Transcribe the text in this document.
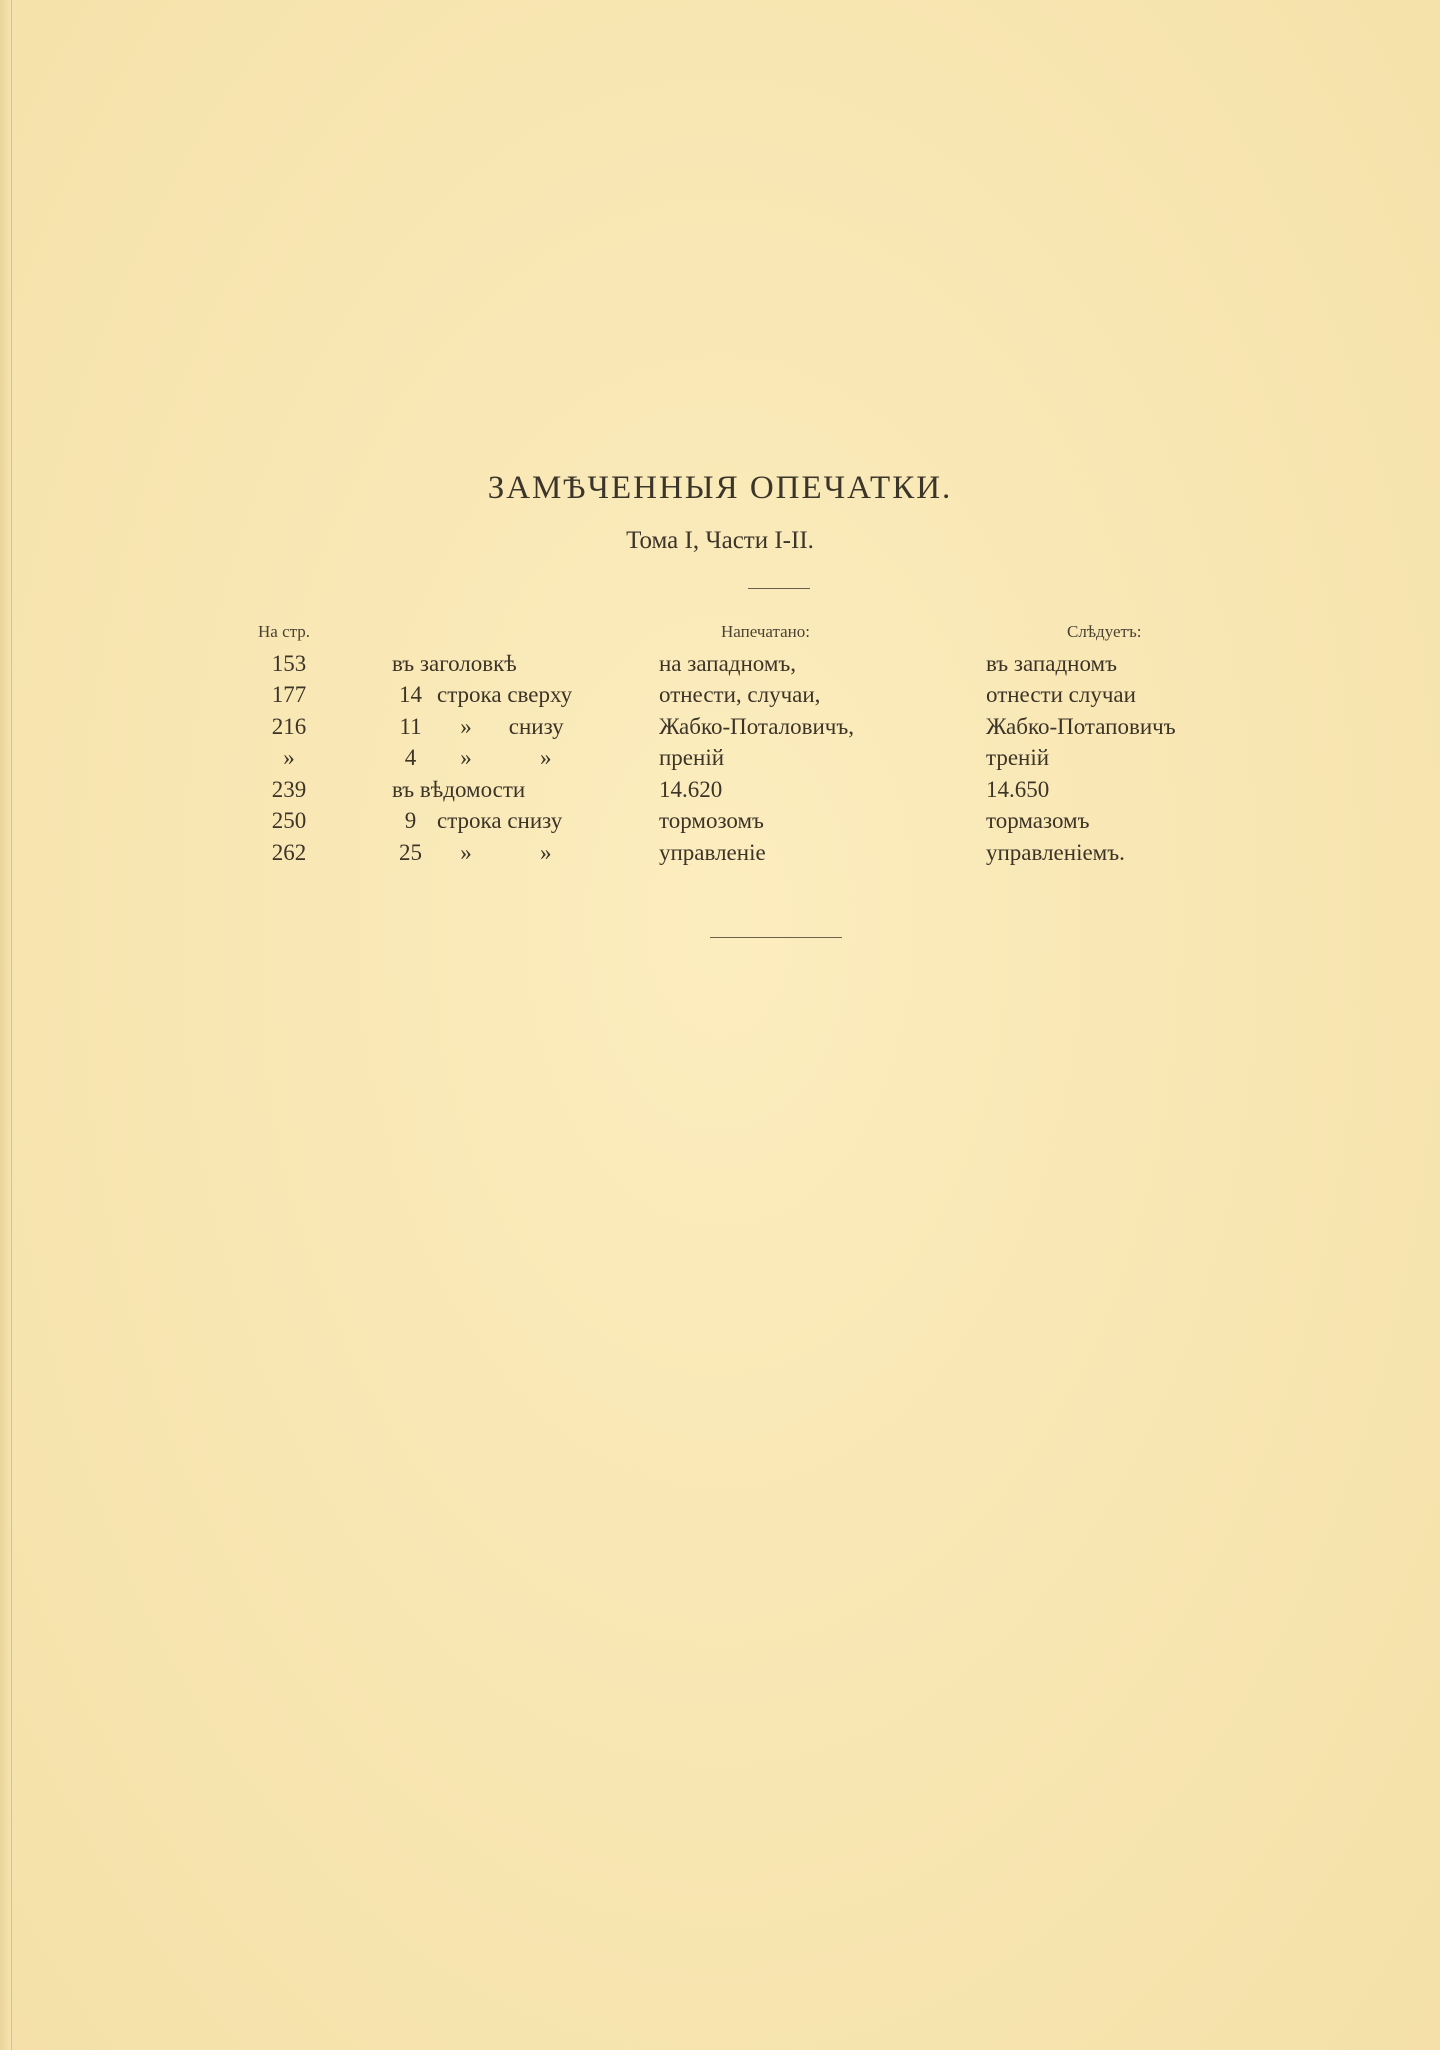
ЗАМѢЧЕННЫЯ ОПЕЧАТКИ.
Тома I, Части I-II.
На стр.	Напечатано:	Слѣдуетъ:
153		въ заголовкѣ		на западномъ,	въ западномъ
177		14	строка сверху	отнести, случаи,	отнести случаи
216		11	» снизу	Жабко-Поталовичъ,	Жабко-Потаповичъ
»		4	» »	преній	треній
239		въ вѣдомости		14.620	14.650
250		9	строка снизу	тормозомъ	тормазомъ
262		25	» »	управленіе	управленіемъ.
